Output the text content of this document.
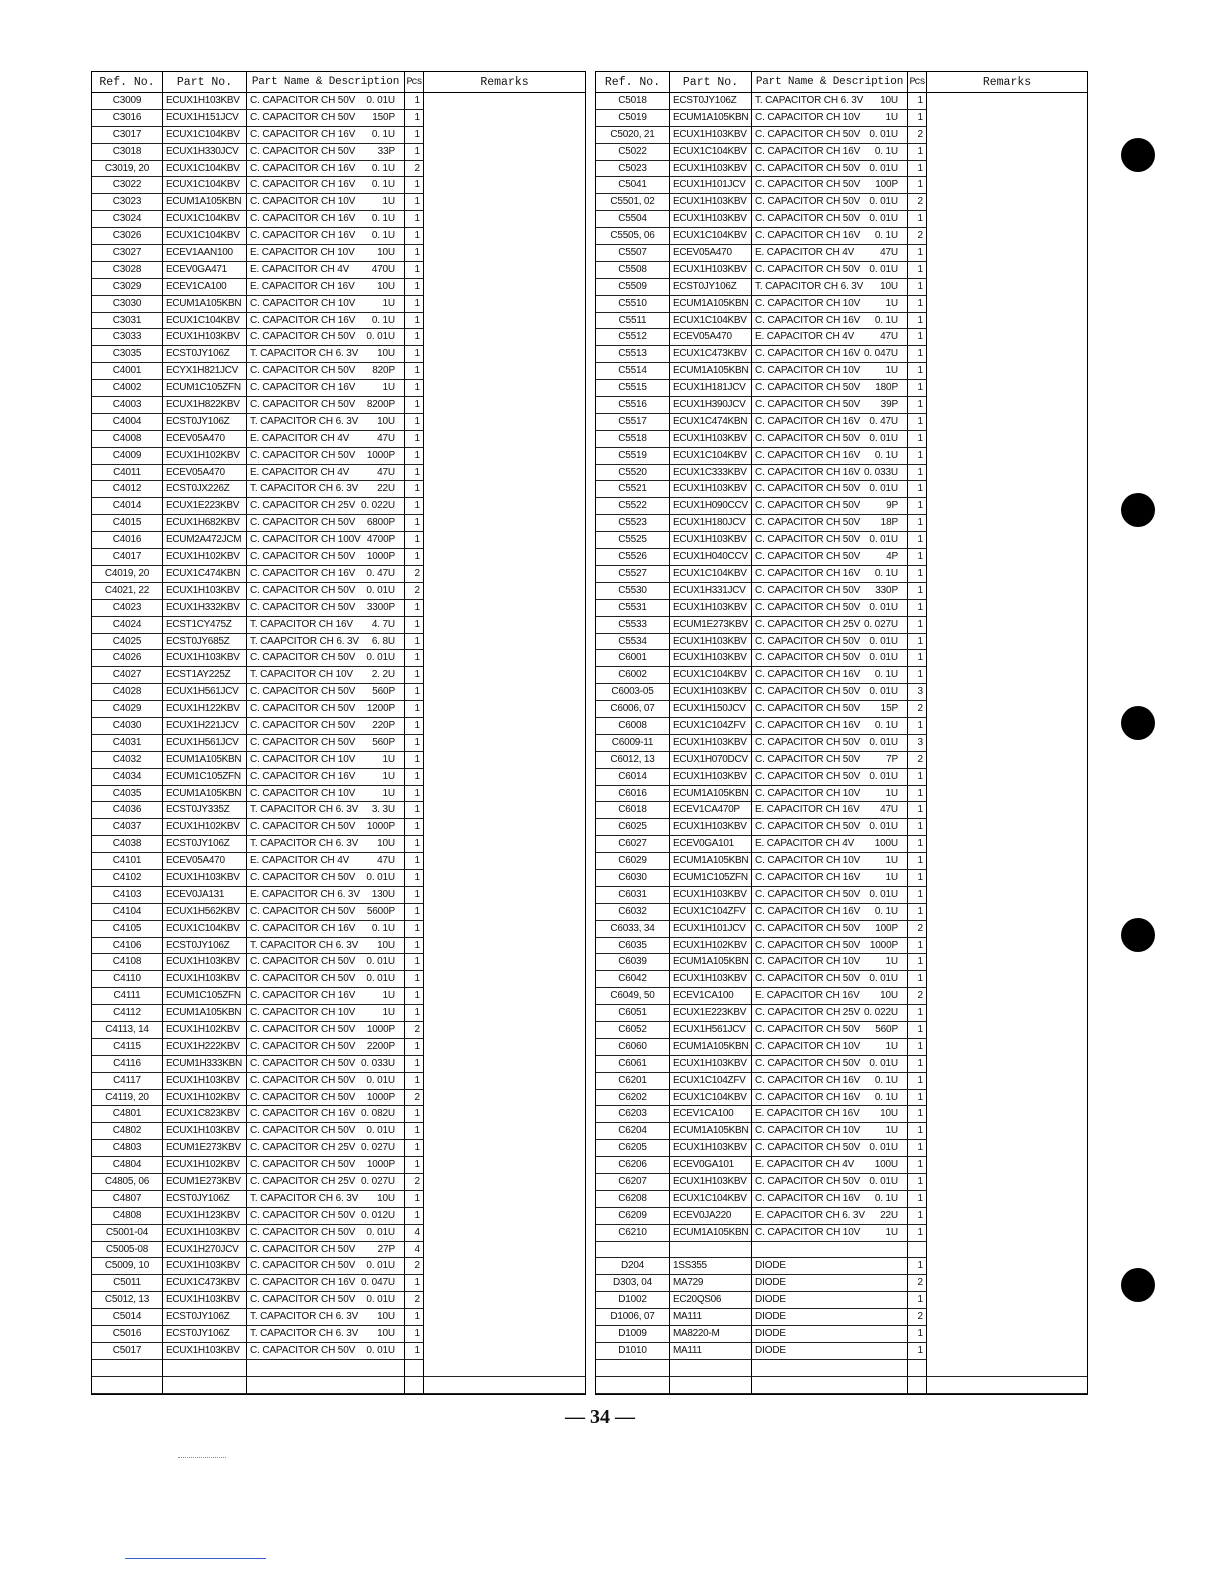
Ref. No.	Part No.	Part Name & Description Pcs	Remarks
C3009	ECUX1H103KBV	C. CAPACITOR CH 50V 0. 01U	1
C3016	ECUX1H151JCV	C. CAPACITOR CH 50V 150P	1
C3017	ECUX1C104KBV	C. CAPACITOR CH 16V 0. 1U	1
C3018	ECUX1H330JCV	C. CAPACITOR CH 50V 33P	1
C3019, 20	ECUX1C104KBV	C. CAPACITOR CH 16V 0. 1U	2
C3022	ECUX1C104KBV	C. CAPACITOR CH 16V 0. 1U	1
C3023	ECUM1A105KBN C. CAPACITOR CH 10V	1U	1
C3024	ECUX1C104KBV	C. CAPACITOR CH 16V 0. 1U	1
C3026	ECUX1C104KBV	C. CAPACITOR CH 16V 0. 1U	1
C3027	ECEV1AAN100	E. CAPACITOR CH 10V 10U	1
C3028	ECEV0GA471	E. CAPACITOR CH 4V 470U	1
C3029	ECEV1CA100	E. CAPACITOR CH 16V 10U	1
C3030	ECUM1A105KBN C. CAPACITOR CH 10V	1U	1
C3031	ECUX1C104KBV	C. CAPACITOR CH 16V 0. 1U	1
C3033	ECUX1H103KBV	C. CAPACITOR CH 50V 0. 01U	1
C3035	ECST0JY106Z	T. CAPACITOR CH 6. 3V 10U	1
C4001	ECYX1H821JCV	C. CAPACITOR CH 50V 820P	1
C4002	ECUM1C105ZFN C. CAPACITOR CH 16V	1U	1
C4003	ECUX1H822KBV	C. CAPACITOR CH 50V 8200P	1
C4004	ECST0JY106Z	T. CAPACITOR CH 6. 3V 10U	1
C4008	ECEV05A470	E. CAPACITOR CH 4V	47U	1
C4009	ECUX1H102KBV	C. CAPACITOR CH 50V 1000P	1
C4011	ECEV05A470	E. CAPACITOR CH 4V	47U	1
C4012	ECST0JX226Z	T. CAPACITOR CH 6. 3V 22U	1
C4014	ECUX1E223KBV	C. CAPACITOR CH 25V 0. 022U	1
C4015	ECUX1H682KBV	C. CAPACITOR CH 50V 6800P	1
C4016	ECUM2A472JCM C. CAPACITOR CH 100V 4700P	1
C4017	ECUX1H102KBV	C. CAPACITOR CH 50V 1000P	1
C4019, 20	ECUX1C474KBN C. CAPACITOR CH 16V 0. 47U	2
C4021, 22	ECUX1H103KBV	C. CAPACITOR CH 50V 0. 01U	2
C4023	ECUX1H332KBV	C. CAPACITOR CH 50V 3300P	1
C4024	ECST1CY475Z	T. CAPACITOR CH 16V 4. 7U	1
C4025	ECST0JY685Z	T. CAAPCITOR CH 6. 3V 6. 8U	1
C4026	ECUX1H103KBV	C. CAPACITOR CH 50V 0. 01U	1
C4027	ECST1AY225Z	T. CAPACITOR CH 10V 2. 2U	1
C4028	ECUX1H561JCV	C. CAPACITOR CH 50V 560P	1
C4029	ECUX1H122KBV	C. CAPACITOR CH 50V 1200P	1
C4030	ECUX1H221JCV	C. CAPACITOR CH 50V 220P	1
C4031	ECUX1H561JCV	C. CAPACITOR CH 50V 560P	1
C4032	ECUM1A105KBN C. CAPACITOR CH 10V	1U	1
C4034	ECUM1C105ZFN C. CAPACITOR CH 16V	1U	1
C4035	ECUM1A105KBN C. CAPACITOR CH 10V	1U	1
C4036	ECST0JY335Z	T. CAPACITOR CH 6. 3V 3. 3U	1
C4037	ECUX1H102KBV	C. CAPACITOR CH 50V 1000P	1
C4038	ECST0JY106Z	T. CAPACITOR CH 6. 3V 10U	1
C4101	ECEV05A470	E. CAPACITOR CH 4V	47U	1
C4102	ECUX1H103KBV	C. CAPACITOR CH 50V 0. 01U	1
C4103	ECEV0JA131	E. CAPACITOR CH 6. 3V 130U	1
C4104	ECUX1H562KBV	C. CAPACITOR CH 50V 5600P	1
C4105	ECUX1C104KBV	C. CAPACITOR CH 16V 0. 1U	1
C4106	ECST0JY106Z	T. CAPACITOR CH 6. 3V 10U	1
C4108	ECUX1H103KBV	C. CAPACITOR CH 50V 0. 01U	1
C4110	ECUX1H103KBV	C. CAPACITOR CH 50V 0. 01U	1
C4111	ECUM1C105ZFN C. CAPACITOR CH 16V	1U	1
C4112	ECUM1A105KBN C. CAPACITOR CH 10V	1U	1
C4113, 14	ECUX1H102KBV	C. CAPACITOR CH 50V 1000P	2
C4115	ECUX1H222KBV	C. CAPACITOR CH 50V 2200P	1
C4116	ECUM1H333KBN C. CAPACITOR CH 50V 0. 033U	1
C4117	ECUX1H103KBV	C. CAPACITOR CH 50V 0. 01U	1
C4119, 20	ECUX1H102KBV	C. CAPACITOR CH 50V 1000P	2
C4801	ECUX1C823KBV	C. CAPACITOR CH 16V 0. 082U	1
C4802	ECUX1H103KBV	C. CAPACITOR CH 50V 0. 01U	1
C4803	ECUM1E273KBV C. CAPACITOR CH 25V 0. 027U	1
C4804	ECUX1H102KBV	C. CAPACITOR CH 50V 1000P	1
C4805, 06	ECUM1E273KBV C. CAPACITOR CH 25V 0. 027U	2
C4807	ECST0JY106Z	T. CAPACITOR CH 6. 3V 10U	1
C4808	ECUX1H123KBV	C. CAPACITOR CH 50V 0. 012U	1
C5001-04	ECUX1H103KBV	C. CAPACITOR CH 50V 0. 01U	4
C5005-08	ECUX1H270JCV	C. CAPACITOR CH 50V 27P	4
C5009, 10	ECUX1H103KBV	C. CAPACITOR CH 50V 0. 01U	2
C5011	ECUX1C473KBV	C. CAPACITOR CH 16V 0. 047U	1
C5012, 13	ECUX1H103KBV	C. CAPACITOR CH 50V 0. 01U	2
C5014	ECST0JY106Z	T. CAPACITOR CH 6. 3V 10U	1
C5016	ECST0JY106Z	T. CAPACITOR CH 6. 3V 10U	1
C5017	ECUX1H103KBV	C. CAPACITOR CH 50V 0. 01U	1
Ref. No.	Part No.	Part Name & Description Pcs	Remarks
C5018	ECST0JY106Z	T. CAPACITOR CH 6. 3V 10U	1
C5019	ECUM1A105KBN C. CAPACITOR CH 10V	1U	1
C5020, 21	ECUX1H103KBV C. CAPACITOR CH 50V 0. 01U	2
C5022	ECUX1C104KBV C. CAPACITOR CH 16V 0. 1U	1
C5023	ECUX1H103KBV C. CAPACITOR CH 50V 0. 01U	1
C5041	ECUX1H101JCV C. CAPACITOR CH 50V 100P	1
C5501, 02	ECUX1H103KBV C. CAPACITOR CH 50V 0. 01U	2
C5504	ECUX1H103KBV C. CAPACITOR CH 50V 0. 01U	1
C5505, 06	ECUX1C104KBV C. CAPACITOR CH 16V 0. 1U	2
C5507	ECEV05A470	E. CAPACITOR CH 4V	47U	1
C5508	ECUX1H103KBV C. CAPACITOR CH 50V 0. 01U	1
C5509	ECST0JY106Z	T. CAPACITOR CH 6. 3V 10U	1
C5510	ECUM1A105KBN C. CAPACITOR CH 10V	1U	1
C5511	ECUX1C104KBV C. CAPACITOR CH 16V 0. 1U	1
C5512	ECEV05A470	E. CAPACITOR CH 4V	47U	1
C5513	ECUX1C473KBV C. CAPACITOR CH 16V 0. 047U	1
C5514	ECUM1A105KBN C. CAPACITOR CH 10V	1U	1
C5515	ECUX1H181JCV C. CAPACITOR CH 50V 180P	1
C5516	ECUX1H390JCV C. CAPACITOR CH 50V 39P	1
C5517	ECUX1C474KBN C. CAPACITOR CH 16V 0. 47U	1
C5518	ECUX1H103KBV C. CAPACITOR CH 50V 0. 01U	1
C5519	ECUX1C104KBV C. CAPACITOR CH 16V 0. 1U	1
C5520	ECUX1C333KBV C. CAPACITOR CH 16V 0. 033U	1
C5521	ECUX1H103KBV C. CAPACITOR CH 50V 0. 01U	1
C5522	ECUX1H090CCV C. CAPACITOR CH 50V	9P	1
C5523	ECUX1H180JCV C. CAPACITOR CH 50V 18P	1
C5525	ECUX1H103KBV C. CAPACITOR CH 50V 0. 01U	1
C5526	ECUX1H040CCV C. CAPACITOR CH 50V	4P	1
C5527	ECUX1C104KBV C. CAPACITOR CH 16V 0. 1U	1
C5530	ECUX1H331JCV C. CAPACITOR CH 50V 330P	1
C5531	ECUX1H103KBV C. CAPACITOR CH 50V 0. 01U	1
C5533	ECUM1E273KBV C. CAPACITOR CH 25V 0. 027U	1
C5534	ECUX1H103KBV C. CAPACITOR CH 50V 0. 01U	1
C6001	ECUX1H103KBV C. CAPACITOR CH 50V 0. 01U	1
C6002	ECUX1C104KBV C. CAPACITOR CH 16V 0. 1U	1
C6003-05	ECUX1H103KBV C. CAPACITOR CH 50V 0. 01U	3
C6006, 07	ECUX1H150JCV C. CAPACITOR CH 50V 15P	2
C6008	ECUX1C104ZFV C. CAPACITOR CH 16V 0. 1U	1
C6009-11	ECUX1H103KBV C. CAPACITOR CH 50V 0. 01U	3
C6012, 13	ECUX1H070DCV C. CAPACITOR CH 50V	7P	2
C6014	ECUX1H103KBV C. CAPACITOR CH 50V 0. 01U	1
C6016	ECUM1A105KBN C. CAPACITOR CH 10V	1U	1
C6018	ECEV1CA470P	E. CAPACITOR CH 16V 47U	1
C6025	ECUX1H103KBV C. CAPACITOR CH 50V 0. 01U	1
C6027	ECEV0GA101	E. CAPACITOR CH 4V 100U	1
C6029	ECUM1A105KBN C. CAPACITOR CH 10V	1U	1
C6030	ECUM1C105ZFN C. CAPACITOR CH 16V	1U	1
C6031	ECUX1H103KBV C. CAPACITOR CH 50V 0. 01U	1
C6032	ECUX1C104ZFV C. CAPACITOR CH 16V 0. 1U	1
C6033, 34	ECUX1H101JCV C. CAPACITOR CH 50V 100P	2
C6035	ECUX1H102KBV C. CAPACITOR CH 50V 1000P	1
C6039	ECUM1A105KBN C. CAPACITOR CH 10V	1U	1
C6042	ECUX1H103KBV C. CAPACITOR CH 50V 0. 01U	1
C6049, 50	ECEV1CA100	E. CAPACITOR CH 16V 10U	2
C6051	ECUX1E223KBV C. CAPACITOR CH 25V 0. 022U	1
C6052	ECUX1H561JCV C. CAPACITOR CH 50V 560P	1
C6060	ECUM1A105KBN C. CAPACITOR CH 10V	1U	1
C6061	ECUX1H103KBV C. CAPACITOR CH 50V 0. 01U	1
C6201	ECUX1C104ZFV C. CAPACITOR CH 16V 0. 1U	1
C6202	ECUX1C104KBV C. CAPACITOR CH 16V 0. 1U	1
C6203	ECEV1CA100	E. CAPACITOR CH 16V 10U	1
C6204	ECUM1A105KBN C. CAPACITOR CH 10V	1U	1
C6205	ECUX1H103KBV C. CAPACITOR CH 50V 0. 01U	1
C6206	ECEV0GA101	E. CAPACITOR CH 4V 100U	1
C6207	ECUX1H103KBV C. CAPACITOR CH 50V 0. 01U	1
C6208	ECUX1C104KBV C. CAPACITOR CH 16V 0. 1U	1
C6209	ECEV0JA220	E. CAPACITOR CH 6. 3V 22U	1
C6210	ECUM1A105KBN C. CAPACITOR CH 10V	1U	1
D204	1SS355	DIODE	1
D303, 04	MA729	DIODE	2
D1002	EC20QS06	DIODE	1
D1006, 07	MA111	DIODE	2
D1009	MA8220-M	DIODE	1
D1010	MA111	DIODE	1
— 34 —
